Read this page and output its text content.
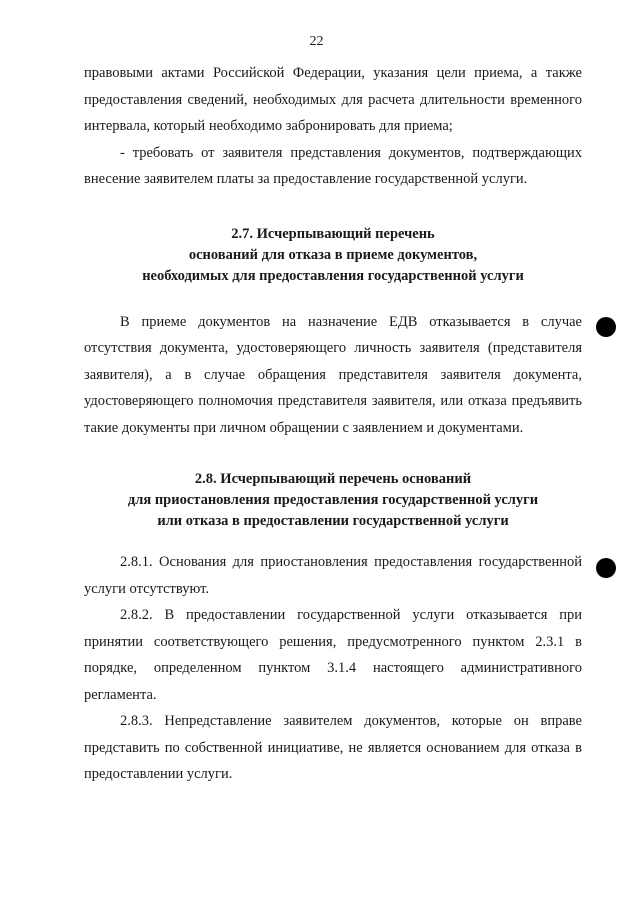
22

правовыми актами Российской Федерации, указания цели приема, а также предоставления сведений, необходимых для расчета длительности временного интервала, который необходимо забронировать для приема;

- требовать от заявителя представления документов, подтверждающих внесение заявителем платы за предоставление государственной услуги.

2.7. Исчерпывающий перечень

оснований для отказа в приеме документов,

необходимых для предоставления государственной услуги

В приеме документов на назначение ЕДВ отказывается в случае отсутствия документа, удостоверяющего личность заявителя (представителя заявителя), а в случае обращения представителя заявителя документа, удостоверяющего полномочия представителя заявителя, или отказа предъявить такие документы при личном обращении с заявлением и документами.

2.8. Исчерпывающий перечень оснований

для приостановления предоставления государственной услуги

или отказа в предоставлении государственной услуги

2.8.1. Основания для приостановления предоставления государственной услуги отсутствуют.

2.8.2. В предоставлении государственной услуги отказывается при принятии соответствующего решения, предусмотренного пунктом 2.3.1 в порядке, определенном пунктом 3.1.4 настоящего административного регламента.

2.8.3. Непредставление заявителем документов, которые он вправе представить по собственной инициативе, не является основанием для отказа в предоставлении услуги.
